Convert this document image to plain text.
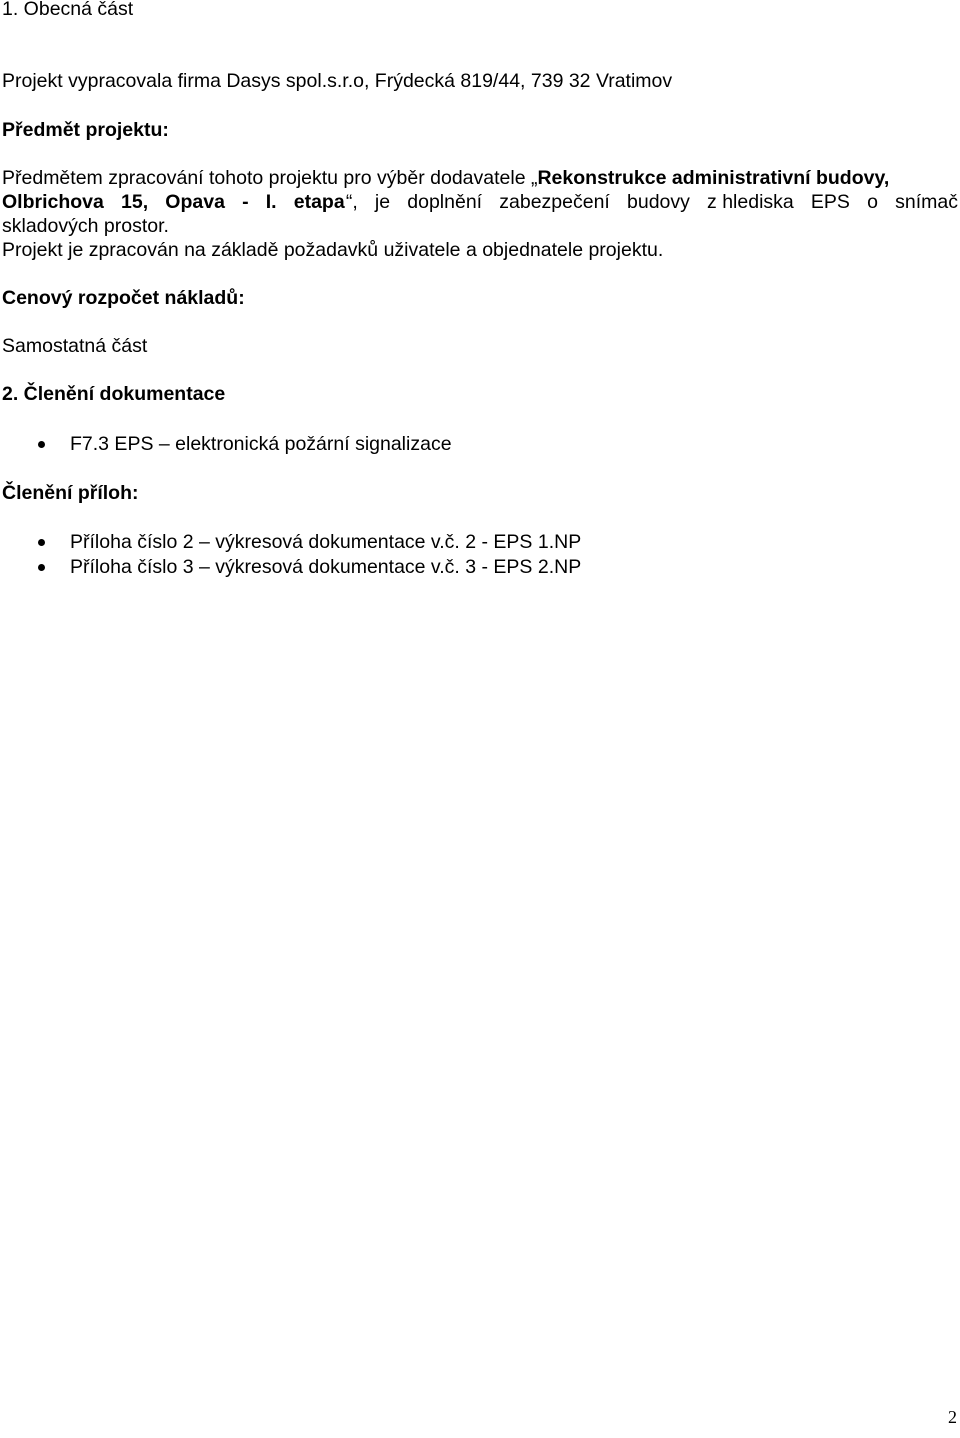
1. Obecná část
Projekt vypracovala firma Dasys spol.s.r.o, Frýdecká 819/44, 739 32 Vratimov
Předmět projektu:
Předmětem zpracování tohoto projektu pro výběr dodavatele „Rekonstrukce administrativní budovy,
Olbrichova 15, Opava - I. etapa “, je doplnění zabezpečení budovy z hlediska EPS o snímač
skladových prostor.
Projekt je zpracován na základě požadavků uživatele a objednatele projektu.
Cenový rozpočet nákladů:
Samostatná část
2. Členění dokumentace
F7.3 EPS – elektronická požární signalizace
Členění příloh:
Příloha číslo 2 – výkresová dokumentace v.č. 2 - EPS 1.NP
Příloha číslo 3 – výkresová dokumentace v.č. 3 - EPS 2.NP
2
